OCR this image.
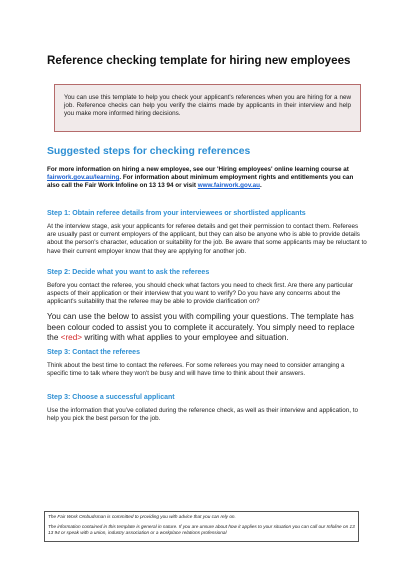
Reference checking template for hiring new employees
You can use this template to help you check your applicant's references when you are hiring for a new job. Reference checks can help you verify the claims made by applicants in their interview and help you make more informed hiring decisions.
Suggested steps for checking references
For more information on hiring a new employee, see our 'Hiring employees' online learning course at fairwork.gov.au/learning. For information about minimum employment rights and entitlements you can also call the Fair Work Infoline on 13 13 94 or visit www.fairwork.gov.au.
Step 1: Obtain referee details from your interviewees or shortlisted applicants
At the interview stage, ask your applicants for referee details and get their permission to contact them. Referees are usually past or current employers of the applicant, but they can also be anyone who is able to provide details about the person's character, education or suitability for the job. Be aware that some applicants may be reluctant to have their current employer know that they are applying for another job.
Step 2: Decide what you want to ask the referees
Before you contact the referee, you should check what factors you need to check first. Are there any particular aspects of their application or their interview that you want to verify? Do you have any concerns about the applicant's suitability that the referee may be able to provide clarification on?
You can use the below to assist you with compiling your questions. The template has been colour coded to assist you to complete it accurately. You simply need to replace the <red> writing with what applies to your employee and situation.
Step 3: Contact the referees
Think about the best time to contact the referees. For some referees you may need to consider arranging a specific time to talk where they won't be busy and will have time to think about their answers.
Step 3: Choose a successful applicant
Use the information that you've collated during the reference check, as well as their interview and application, to help you pick the best person for the job.
The Fair Work Ombudsman is committed to providing you with advice that you can rely on.
The information contained in this template is general in nature. If you are unsure about how it applies to your situation you can call our Infoline on 13 13 94 or speak with a union, industry association or a workplace relations professional
